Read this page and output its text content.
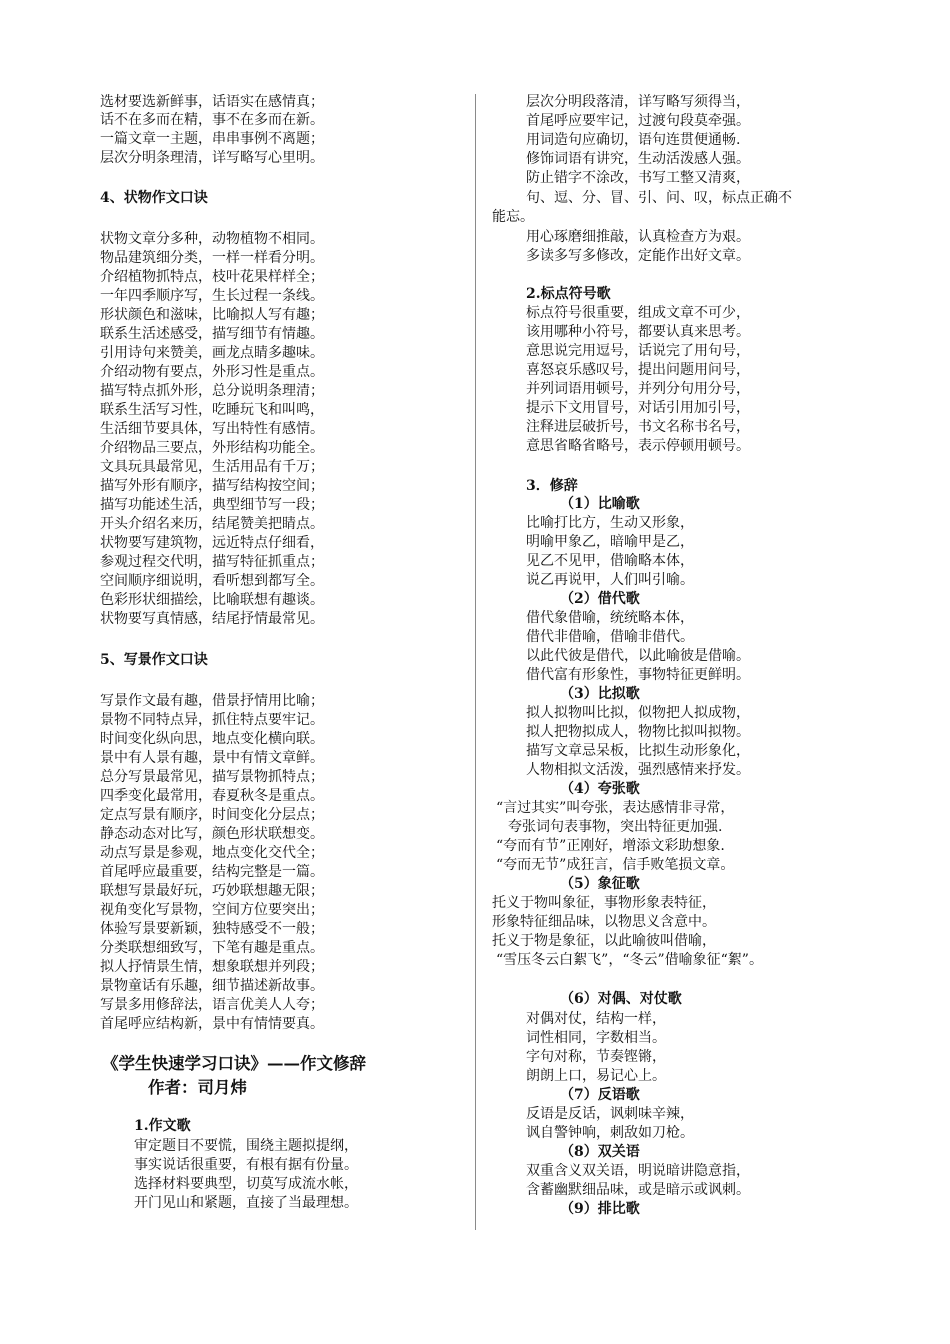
选材要选新鲜事，话语实在感情真；
话不在多而在精，事不在多而在新。
一篇文章一主题，串串事例不离题；
层次分明条理清，详写略写心里明。
4、状物作文口诀
状物文章分多种，动物植物不相同。
物品建筑细分类，一样一样看分明。
介绍植物抓特点，枝叶花果样样全；
一年四季顺序写，生长过程一条线。
形状颜色和滋味，比喻拟人写有趣；
联系生活述感受，描写细节有情趣。
引用诗句来赞美，画龙点睛多趣味。
介绍动物有要点，外形习性是重点。
描写特点抓外形，总分说明条理清；
联系生活写习性，吃睡玩飞和叫鸣，
生活细节要具体，写出特性有感情。
介绍物品三要点，外形结构功能全。
文具玩具最常见，生活用品有千万；
描写外形有顺序，描写结构按空间；
描写功能述生活，典型细节写一段；
开头介绍名来历，结尾赞美把睛点。
状物要写建筑物，远近特点仔细看，
参观过程交代明，描写特征抓重点；
空间顺序细说明，看听想到都写全。
色彩形状细描绘，比喻联想有趣谈。
状物要写真情感，结尾抒情最常见。
5、写景作文口诀
写景作文最有趣，借景抒情用比喻；
景物不同特点异，抓住特点要牢记。
时间变化纵向思，地点变化横向联。
景中有人景有趣，景中有情文章鲜。
总分写景最常见，描写景物抓特点；
四季变化最常用，春夏秋冬是重点。
定点写景有顺序，时间变化分层点；
静态动态对比写，颜色形状联想变。
动点写景是参观，地点变化交代全；
首尾呼应最重要，结构完整是一篇。
联想写景最好玩，巧妙联想趣无限；
视角变化写景物，空间方位要突出；
体验写景要新颖，独特感受不一般；
分类联想细致写，下笔有趣是重点。
拟人抒情景生情，想象联想并列段；
景物童话有乐趣，细节描述新故事。
写景多用修辞法，语言优美人人夸；
首尾呼应结构新，景中有情情要真。
《学生快速学习口诀》——作文修辞
作者：司月炜
1.作文歌
审定题目不要慌，围绕主题拟提纲，
事实说话很重要，有根有据有份量。
选择材料要典型，切莫写成流水帐，
开门见山和紧题，直接了当最理想。
层次分明段落清，详写略写须得当，
首尾呼应要牢记，过渡句段莫牵强。
用词造句应确切，语句连贯便通畅.
修饰词语有讲究，生动活泼感人强。
防止错字不涂改，书写工整又清爽，
句、逗、分、冒、引、问、叹，标点正确不
能忘。
用心琢磨细推敲，认真检查方为艰。
多读多写多修改，定能作出好文章。
2.标点符号歌
标点符号很重要，组成文章不可少，
该用哪种小符号，都要认真来思考。
意思说完用逗号，话说完了用句号，
喜怒哀乐感叹号，提出问题用问号，
并列词语用顿号，并列分句用分号，
提示下文用冒号，对话引用加引号，
注释进层破折号，书文名称书名号，
意思省略省略号，表示停顿用顿号。
3．修辞
（1）比喻歌
比喻打比方，生动又形象，
明喻甲象乙，暗喻甲是乙，
见乙不见甲，借喻略本体，
说乙再说甲，人们叫引喻。
（2）借代歌
借代象借喻，统统略本体，
借代非借喻，借喻非借代。
以此代彼是借代，以此喻彼是借喻。
借代富有形象性，事物特征更鲜明。
（3）比拟歌
拟人拟物叫比拟，似物把人拟成物，
拟人把物拟成人，物物比拟叫拟物。
描写文章忌呆板，比拟生动形象化，
人物相拟文活泼，强烈感情来抒发。
（4）夸张歌
“言过其实”叫夸张，表达感情非寻常，
夸张词句表事物，突出特征更加强.
“夸而有节”正刚好，增添文彩助想象.
“夸而无节”成狂言，信手败笔损文章。
（5）象征歌
托义于物叫象征，事物形象表特征，
形象特征细品味，以物思义含意中。
托义于物是象征，以此喻彼叫借喻，
“雪压冬云白絮飞”，“冬云”借喻象征“絮”。
（6）对偶、对仗歌
对偶对仗，结构一样，
词性相同，字数相当。
字句对称，节奏铿锵，
朗朗上口，易记心上。
（7）反语歌
反语是反话，讽刺味辛辣，
讽自警钟响，刺敌如刀枪。
（8）双关语
双重含义双关语，明说暗讲隐意指，
含蓄幽默细品味，或是暗示或讽刺。
（9）排比歌
